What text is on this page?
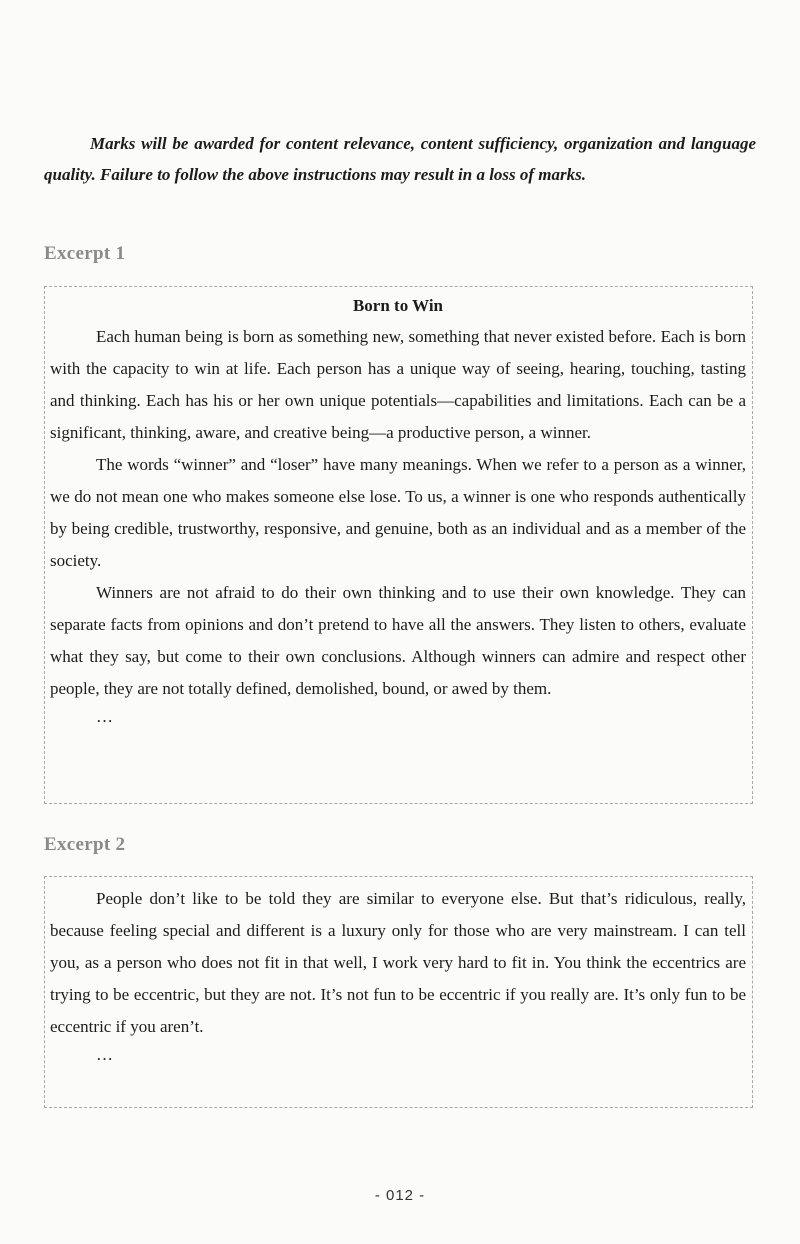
Marks will be awarded for content relevance, content sufficiency, organization and language quality. Failure to follow the above instructions may result in a loss of marks.

Excerpt 1

Born to Win

Each human being is born as something new, something that never existed before. Each is born with the capacity to win at life. Each person has a unique way of seeing, hearing, touching, tasting and thinking. Each has his or her own unique potentials—capabilities and limitations. Each can be a significant, thinking, aware, and creative being—a productive person, a winner.

The words “winner” and “loser” have many meanings. When we refer to a person as a winner, we do not mean one who makes someone else lose. To us, a winner is one who responds authentically by being credible, trustworthy, responsive, and genuine, both as an individual and as a member of the society.

Winners are not afraid to do their own thinking and to use their own knowledge. They can separate facts from opinions and don’t pretend to have all the answers. They listen to others, evaluate what they say, but come to their own conclusions. Although winners can admire and respect other people, they are not totally defined, demolished, bound, or awed by them.

…

Excerpt 2

People don’t like to be told they are similar to everyone else. But that’s ridiculous, really, because feeling special and different is a luxury only for those who are very mainstream. I can tell you, as a person who does not fit in that well, I work very hard to fit in. You think the eccentrics are trying to be eccentric, but they are not. It’s not fun to be eccentric if you really are. It’s only fun to be eccentric if you aren’t.

…

- 012 -
